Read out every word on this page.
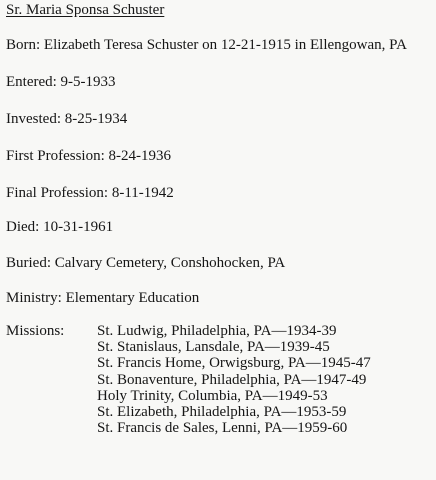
Sr. Maria Sponsa Schuster
Born: Elizabeth Teresa Schuster on 12-21-1915 in Ellengowan, PA
Entered: 9-5-1933
Invested: 8-25-1934
First Profession: 8-24-1936
Final Profession: 8-11-1942
Died: 10-31-1961
Buried: Calvary Cemetery, Conshohocken, PA
Ministry: Elementary Education
Missions: St. Ludwig, Philadelphia, PA—1934-39
St. Stanislaus, Lansdale, PA—1939-45
St. Francis Home, Orwigsburg, PA—1945-47
St. Bonaventure, Philadelphia, PA—1947-49
Holy Trinity, Columbia, PA—1949-53
St. Elizabeth, Philadelphia, PA—1953-59
St. Francis de Sales, Lenni, PA—1959-60
